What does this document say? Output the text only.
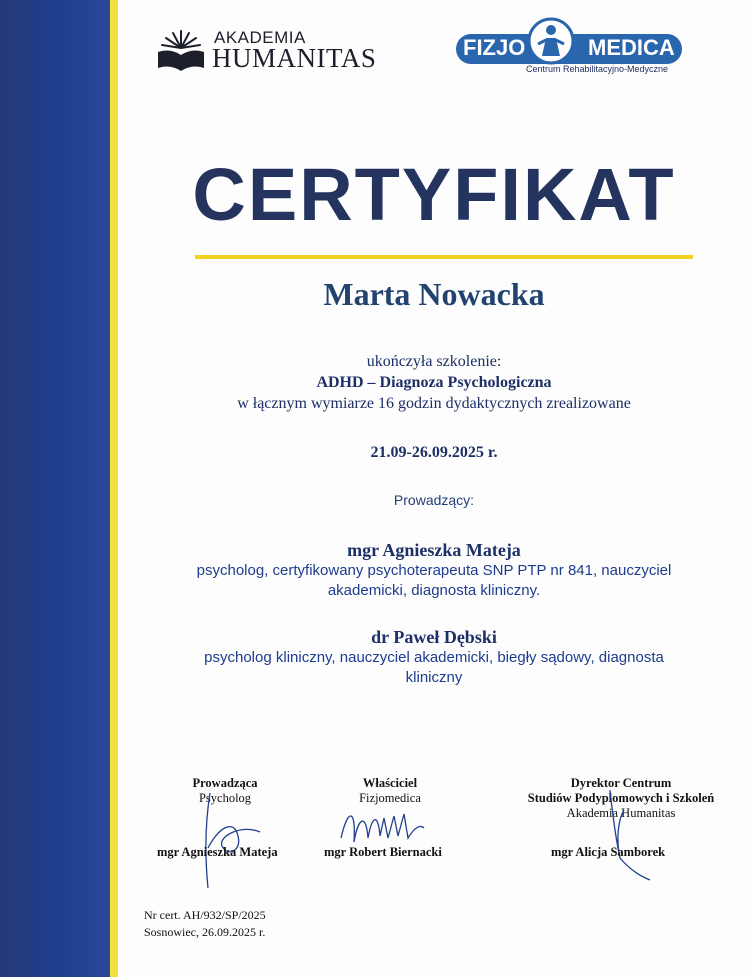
AKADEMIA
HUMANITAS	FIZJO	MEDICA
Centrum Rehabilitacyjno-Medyczne
CERTYFIKAT
Marta Nowacka
ukończyła szkolenie:
ADHD – Diagnoza Psychologiczna
w łącznym wymiarze 16 godzin dydaktycznych zrealizowane
21.09-26.09.2025 r.
Prowadzący:
mgr Agnieszka Mateja
psycholog, certyfikowany psychoterapeuta SNP PTP nr 841, nauczyciel
akademicki, diagnosta kliniczny.
dr Paweł Dębski
psycholog kliniczny, nauczyciel akademicki, biegły sądowy, diagnosta
kliniczny
Prowadząca
Psycholog
mgr Agnieszka Mateja
Właściciel
Fizjomedica
mgr Robert Biernacki
Dyrektor Centrum
Studiów Podyplomowych i Szkoleń
Akademia Humanitas
mgr Alicja Samborek
Nr cert. AH/932/SP/2025
Sosnowiec, 26.09.2025 r.
